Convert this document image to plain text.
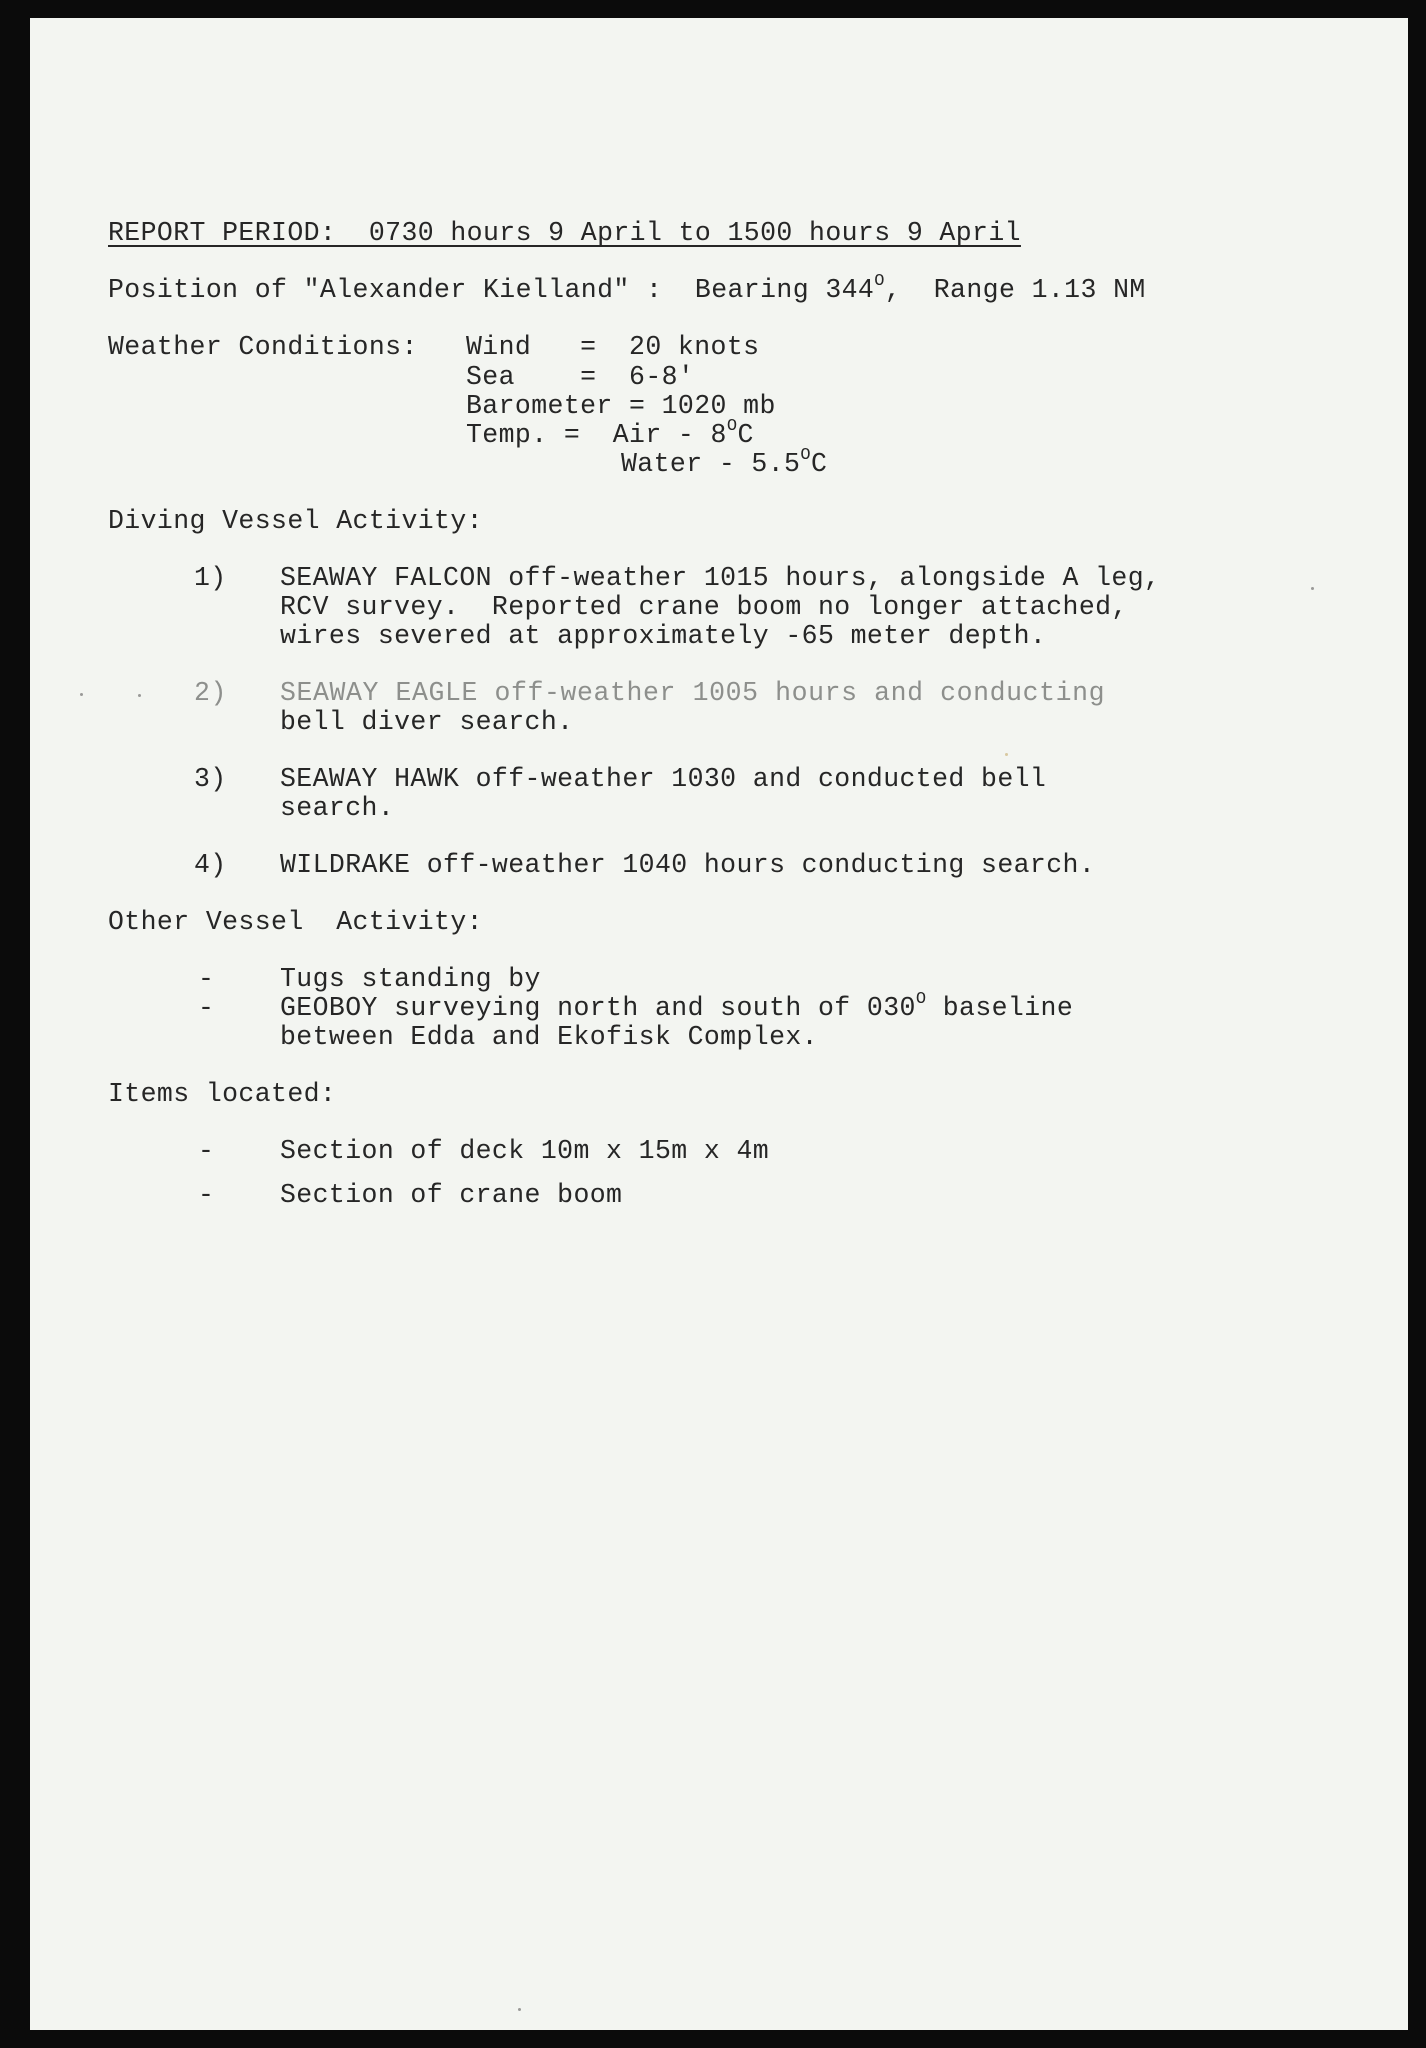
REPORT PERIOD:  0730 hours 9 April to 1500 hours 9 April
Position of "Alexander Kielland" :  Bearing $344^O$,  Range 1.13 NM
Weather Conditions: Wind   =  20 knots
Sea    =  6-8'
Barometer = 1020 mb
Temp. =  Air - $8^OC$
Water - $5.5^OC$
Diving Vessel Activity:
1) SEAWAY FALCON off-weather 1015 hours, alongside A leg,
RCV survey.  Reported crane boom no longer attached,
wires severed at approximately -65 meter depth.
2) SEAWAY EAGLE off-weather 1005 hours and conducting
bell diver search.
3) SEAWAY HAWK off-weather 1030 and conducted bell
search.
4) WILDRAKE off-weather 1040 hours conducting search.
Other Vessel  Activity:
- Tugs standing by
- GEOBOY surveying north and south of $030^O$ baseline
between Edda and Ekofisk Complex.
Items located:
- Section of deck 10m x 15m x 4m
- Section of crane boom
